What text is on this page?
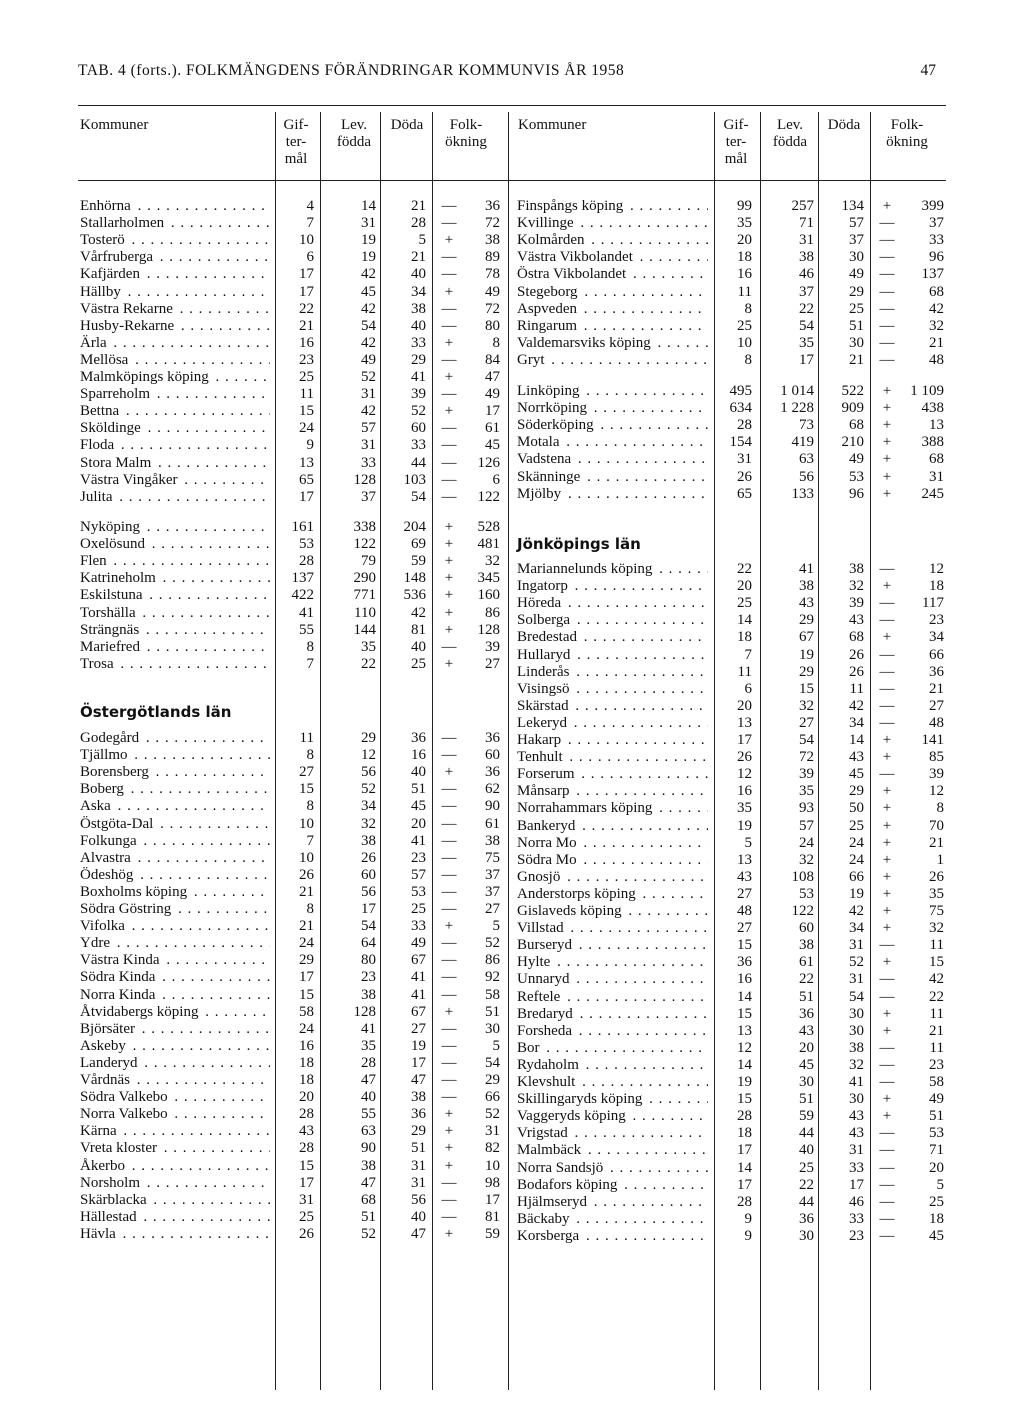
TAB. 4 (forts.). FOLKMÄNGDENS FÖRÄNDRINGAR KOMMUNVIS ÅR 1958	47
Kommuner	Gif-
ter-
mål
Lev.
födda
Döda	Folk-
ökning
Kommuner	Gif-
ter-
mål
Lev.
födda
Döda	Folk-
ökning
Enhörna . . .	4	14	21 —	36
Stallarholmen . . .	7	31	28 —	72
Tosterö . . .	10	19	5	+	38
Vårfruberga . . .	6	19	21 —	89
Kafjärden . . .	17	42	40 —	78
Hällby . . .	17	45	34	+	49
Västra Rekarne . . .	22	42	38 —	72
Husby-Rekarne . . .	21	54	40 —	80
Ärla . . .	16	42	33	+	8
Mellösa . . .	23	49	29 —	84
Malmköpings köping . . .	25	52	41	+	47
Sparreholm . . .	11	31	39 —	49
Bettna . . .	15	42	52	+	17
Sköldinge . . .	24	57	60 —	61
Floda . . .	9	31	33 —	45
Stora Malm . . .	13	33	44 —	126
Västra Vingåker . . .	65	128	103 —	6
Julita . . .	17	37	54 —	122
Nyköping . . .	161	338	204	+	528
Oxelösund . . .	53	122	69	+	481
Flen . . .	28	79	59	+	32
Katrineholm . . .	137	290	148	+	345
Eskilstuna . . .	422	771	536	+	160
Torshälla . . .	41	110	42	+	86
Strängnäs . . .	55	144	81	+	128
Mariefred . . .	8	35	40 —	39
Trosa . . .	7	22	25	+	27
Östergötlands län
Godegård . . .	11	29	36 —	36
Tjällmo . . .	8	12	16 —	60
Borensberg . . .	27	56	40	+	36
Boberg . . .	15	52	51 —	62
Aska . . .	8	34	45 —	90
Östgöta-Dal . . .	10	32	20 —	61
Folkunga . . .	7	38	41 —	38
Alvastra . . .	10	26	23 —	75
Ödeshög . . .	26	60	57 —	37
Boxholms köping . . .	21	56	53 —	37
Södra Göstring . . .	8	17	25 —	27
Vifolka . . .	21	54	33	+	5
Ydre . . .	24	64	49 —	52
Västra Kinda . . .	29	80	67 —	86
Södra Kinda . . .	17	23	41 —	92
Norra Kinda . . .	15	38	41 —	58
Åtvidabergs köping . . .	58	128	67	+	51
Björsäter . . .	24	41	27 —	30
Askeby . . .	16	35	19 —	5
Landeryd . . .	18	28	17 —	54
Vårdnäs . . .	18	47	47 —	29
Södra Valkebo . . .	20	40	38 —	66
Norra Valkebo . . .	28	55	36	+	52
Kärna . . .	43	63	29	+	31
Vreta kloster . . .	28	90	51	+	82
Åkerbo . . .	15	38	31	+	10
Norsholm . . .	17	47	31 —	98
Skärblacka . . .	31	68	56 —	17
Hällestad . . .	25	51	40 —	81
Hävla . . .	26	52	47	+	59
Finspångs köping . . .	99	257	134	+	399
Kvillinge . . .	35	71	57 —	37
Kolmården . . .	20	31	37 —	33
Västra Vikbolandet . . .	18	38	30 —	96
Östra Vikbolandet . . .	16	46	49 —	137
Stegeborg . . .	11	37	29 —	68
Aspveden . . .	8	22	25 —	42
Ringarum . . .	25	54	51 —	32
Valdemarsviks köping . . .	10	35	30 —	21
Gryt . . .	8	17	21 —	48
Linköping . . .	495	1 014	522	+	1 109
Norrköping . . .	634	1 228	909	+	438
Söderköping . . .	28	73	68	+	13
Motala . . .	154	419	210	+	388
Vadstena . . .	31	63	49	+	68
Skänninge . . .	26	56	53	+	31
Mjölby . . .	65	133	96	+	245
Jönköpings län
Mariannelunds köping . . .	22	41	38 —	12
Ingatorp . . .	20	38	32	+	18
Höreda . . .	25	43	39 —	117
Solberga . . .	14	29	43 —	23
Bredestad . . .	18	67	68	+	34
Hullaryd . . .	7	19	26 —	66
Linderås . . .	11	29	26 —	36
Visingsö . . .	6	15	11 —	21
Skärstad . . .	20	32	42 —	27
Lekeryd . . .	13	27	34 —	48
Hakarp . . .	17	54	14	+	141
Tenhult . . .	26	72	43	+	85
Forserum . . .	12	39	45 —	39
Månsarp . . .	16	35	29	+	12
Norrahammars köping . . .	35	93	50	+	8
Bankeryd . . .	19	57	25	+	70
Norra Mo . . .	5	24	24	+	21
Södra Mo . . .	13	32	24	+	1
Gnosjö . . .	43	108	66	+	26
Anderstorps köping . . .	27	53	19	+	35
Gislaveds köping . . .	48	122	42	+	75
Villstad . . .	27	60	34	+	32
Burseryd . . .	15	38	31 —	11
Hylte . . .	36	61	52	+	15
Unnaryd . . .	16	22	31 —	42
Reftele . . .	14	51	54 —	22
Bredaryd . . .	15	36	30	+	11
Forsheda . . .	13	43	30	+	21
Bor . . .	12	20	38 —	11
Rydaholm . . .	14	45	32 —	23
Klevshult . . .	19	30	41 —	58
Skillingaryds köping . . .	15	51	30	+	49
Vaggeryds köping . . .	28	59	43	+	51
Vrigstad . . .	18	44	43 —	53
Malmbäck . . .	17	40	31 —	71
Norra Sandsjö . . .	14	25	33 —	20
Bodafors köping . . .	17	22	17 —	5
Hjälmseryd . . .	28	44	46 —	25
Bäckaby . . .	9	36	33 —	18
Korsberga . . .	9	30	23 —	45
